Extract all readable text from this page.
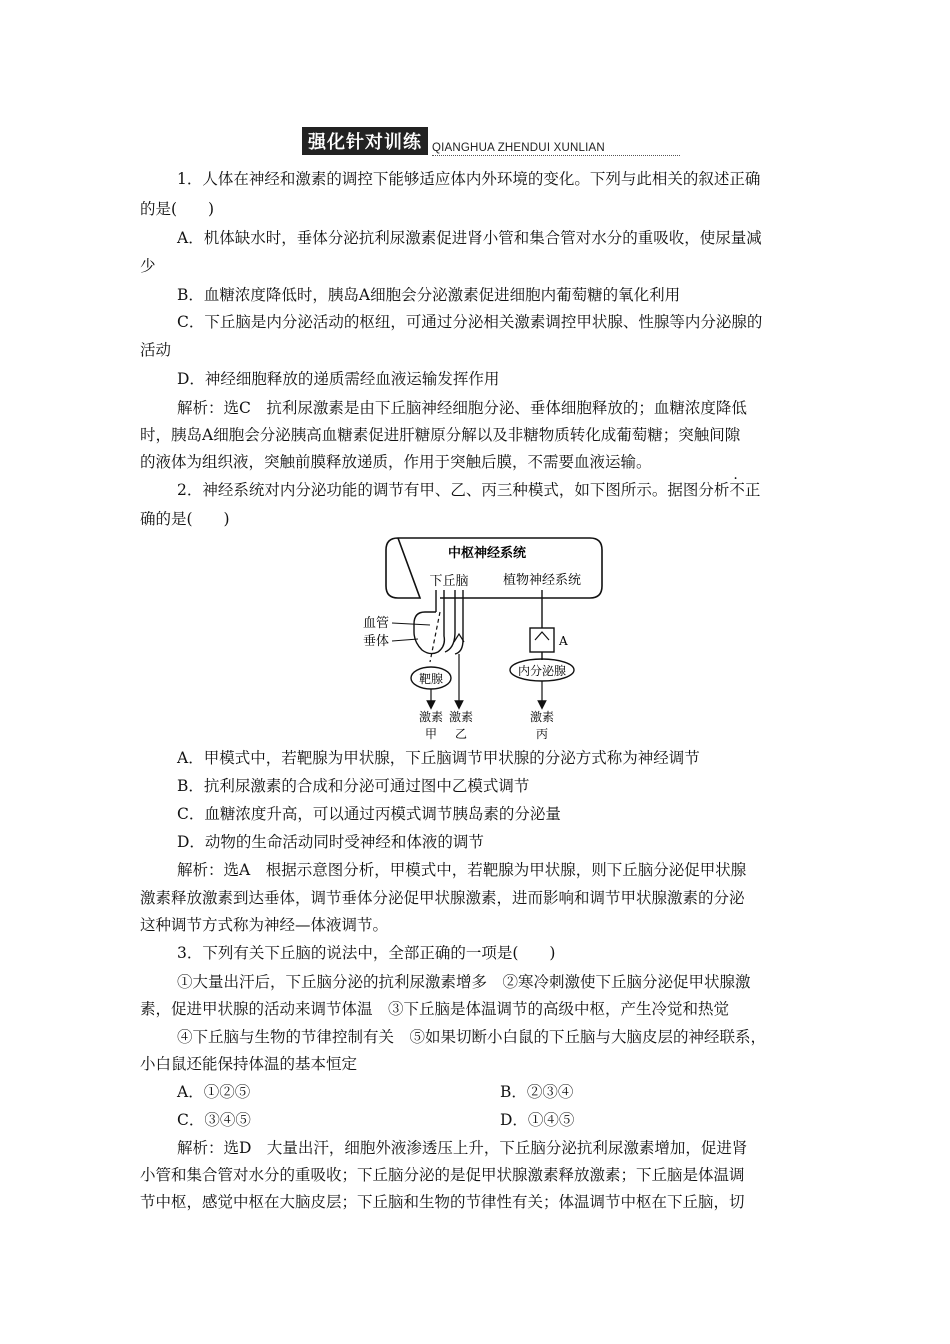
强化针对训练 QIANGHUA ZHENDUI XUNLIAN
1．人体在神经和激素的调控下能够适应体内外环境的变化。下列与此相关的叙述正确
的是(　　)
A．机体缺水时，垂体分泌抗利尿激素促进肾小管和集合管对水分的重吸收，使尿量减
少
B．血糖浓度降低时，胰岛A细胞会分泌激素促进细胞内葡萄糖的氧化利用
C．下丘脑是内分泌活动的枢纽，可通过分泌相关激素调控甲状腺、性腺等内分泌腺的
活动
D．神经细胞释放的递质需经血液运输发挥作用
解析：选C　抗利尿激素是由下丘脑神经细胞分泌、垂体细胞释放的；血糖浓度降低
时，胰岛A细胞会分泌胰高血糖素促进肝糖原分解以及非糖物质转化成葡萄糖；突触间隙
的液体为组织液，突触前膜释放递质，作用于突触后膜，不需要血液运输。
2．神经系统对内分泌功能的调节有甲、乙、丙三种模式，如下图所示。据图分析不正
确的是(　　)
中枢神经系统
下丘脑	植物神经系统
血管
垂体
靶腺
A
内分泌腺
激素
甲
激素
乙
激素
丙
A．甲模式中，若靶腺为甲状腺，下丘脑调节甲状腺的分泌方式称为神经调节
B．抗利尿激素的合成和分泌可通过图中乙模式调节
C．血糖浓度升高，可以通过丙模式调节胰岛素的分泌量
D．动物的生命活动同时受神经和体液的调节
解析：选A　根据示意图分析，甲模式中，若靶腺为甲状腺，则下丘脑分泌促甲状腺
激素释放激素到达垂体，调节垂体分泌促甲状腺激素，进而影响和调节甲状腺激素的分泌
这种调节方式称为神经—体液调节。
3．下列有关下丘脑的说法中，全部正确的一项是(　　)
①大量出汗后，下丘脑分泌的抗利尿激素增多　②寒冷刺激使下丘脑分泌促甲状腺激
素，促进甲状腺的活动来调节体温　③下丘脑是体温调节的高级中枢，产生冷觉和热觉
④下丘脑与生物的节律控制有关　⑤如果切断小白鼠的下丘脑与大脑皮层的神经联系，
小白鼠还能保持体温的基本恒定
A．①②⑤	B．②③④
C．③④⑤	D．①④⑤
解析：选D　大量出汗，细胞外液渗透压上升，下丘脑分泌抗利尿激素增加，促进肾
小管和集合管对水分的重吸收；下丘脑分泌的是促甲状腺激素释放激素；下丘脑是体温调
节中枢，感觉中枢在大脑皮层；下丘脑和生物的节律性有关；体温调节中枢在下丘脑，切
